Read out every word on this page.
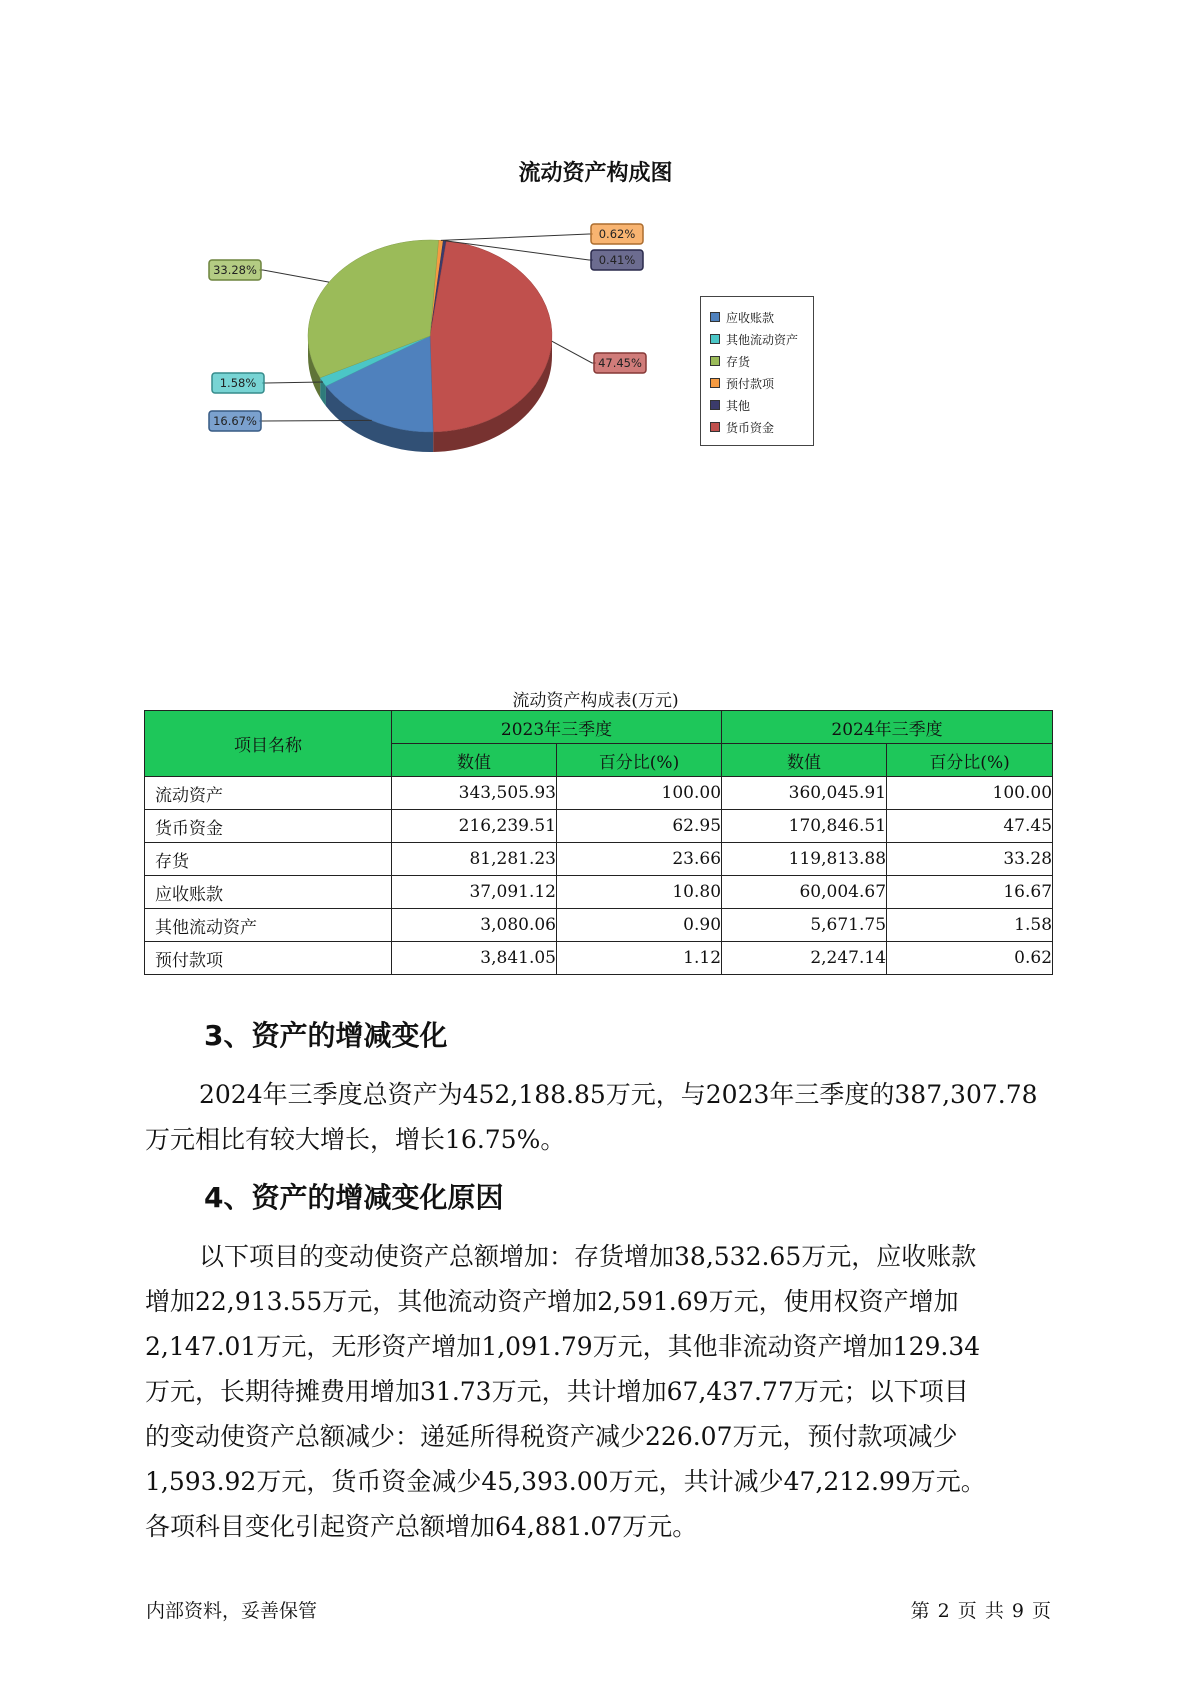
流动资产构成图
0.62%
0.41%
47.45%
16.67%
1.58%
33.28%
应收账款
其他流动资产
存货
预付款项
其他
货币资金
流动资产构成表(万元)
项目名称	2023年三季度		2024年三季度	
	数值	百分比(%)	数值	百分比(%)
流动资产	343,505.93	100.00	360,045.91	100.00
货币资金	216,239.51	62.95	170,846.51	47.45
存货	81,281.23	23.66	119,813.88	33.28
应收账款	37,091.12	10.80	60,004.67	16.67
其他流动资产	3,080.06	0.90	5,671.75	1.58
预付款项	3,841.05	1.12	2,247.14	0.62
3、资产的增减变化
2024年三季度总资产为452,188.85万元，与2023年三季度的387,307.78
万元相比有较大增长，增长16.75%。
4、资产的增减变化原因
以下项目的变动使资产总额增加：存货增加38,532.65万元，应收账款
增加22,913.55万元，其他流动资产增加2,591.69万元，使用权资产增加
2,147.01万元，无形资产增加1,091.79万元，其他非流动资产增加129.34
万元，长期待摊费用增加31.73万元，共计增加67,437.77万元；以下项目
的变动使资产总额减少：递延所得税资产减少226.07万元，预付款项减少
1,593.92万元，货币资金减少45,393.00万元，共计减少47,212.99万元。
各项科目变化引起资产总额增加64,881.07万元。
内部资料，妥善保管	第 2 页 共 9 页
